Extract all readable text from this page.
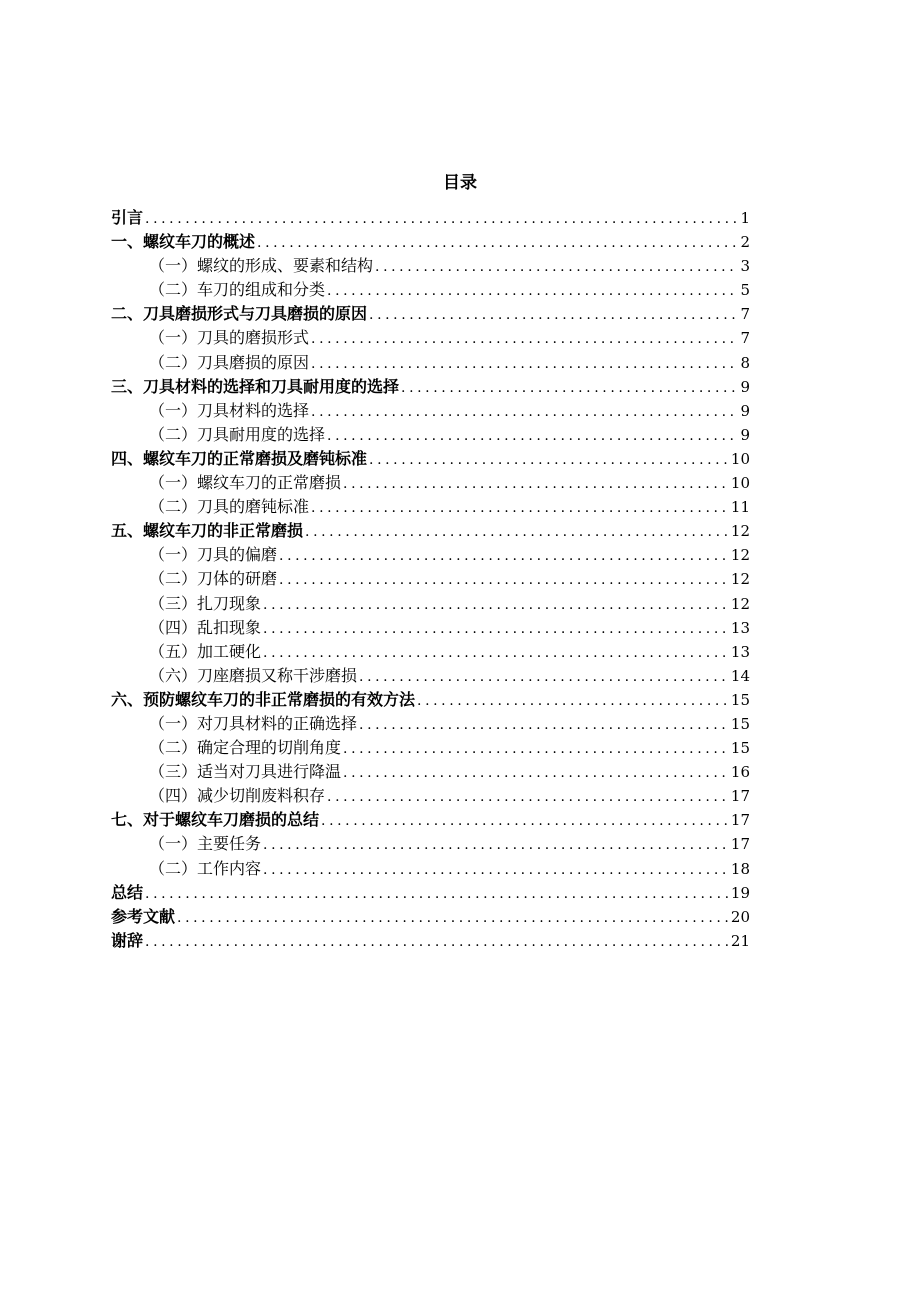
目录
引言 .....	1
一、螺纹车刀的概述 .....	2
（一）螺纹的形成、要素和结构 .....	3
（二）车刀的组成和分类 .....	5
二、刀具磨损形式与刀具磨损的原因 .....	7
（一）刀具的磨损形式 .....	7
（二）刀具磨损的原因 .....	8
三、刀具材料的选择和刀具耐用度的选择 .....	9
（一）刀具材料的选择 .....	9
（二）刀具耐用度的选择 .....	9
四、螺纹车刀的正常磨损及磨钝标准 .....	10
（一）螺纹车刀的正常磨损 .....	10
（二）刀具的磨钝标准 .....	11
五、螺纹车刀的非正常磨损 .....	12
（一）刀具的偏磨 .....	12
（二）刀体的研磨 .....	12
（三）扎刀现象 .....	12
（四）乱扣现象 .....	13
（五）加工硬化 .....	13
（六）刀座磨损又称干涉磨损 .....	14
六、预防螺纹车刀的非正常磨损的有效方法 .....	15
（一）对刀具材料的正确选择 .....	15
（二）确定合理的切削角度 .....	15
（三）适当对刀具进行降温 .....	16
（四）减少切削废料积存 .....	17
七、对于螺纹车刀磨损的总结 .....	17
（一）主要任务 .....	17
（二）工作内容 .....	18
总结 .....	19
参考文献 .....	20
谢辞 .....	21
